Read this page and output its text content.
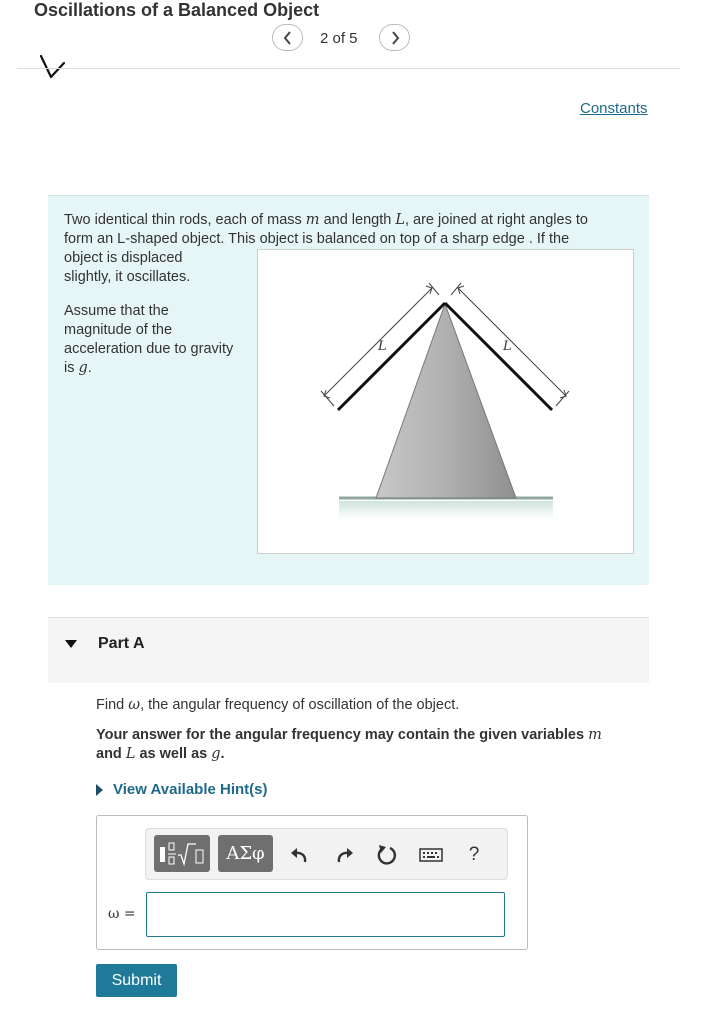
Oscillations of a Balanced Object
2 of 5
Constants
Two identical thin rods, each of mass m and length L, are joined at right angles to
form an L-shaped object. This object is balanced on top of a sharp edge . If the
object is displaced
slightly, it oscillates.
Assume that the
magnitude of the
acceleration due to gravity
is g.
L	L
Part A
Find ω, the angular frequency of oscillation of the object.
Your answer for the angular frequency may contain the given variables m
and L as well as g.
View Available Hint(s)
ΑΣφ	?
ω =
Submit
